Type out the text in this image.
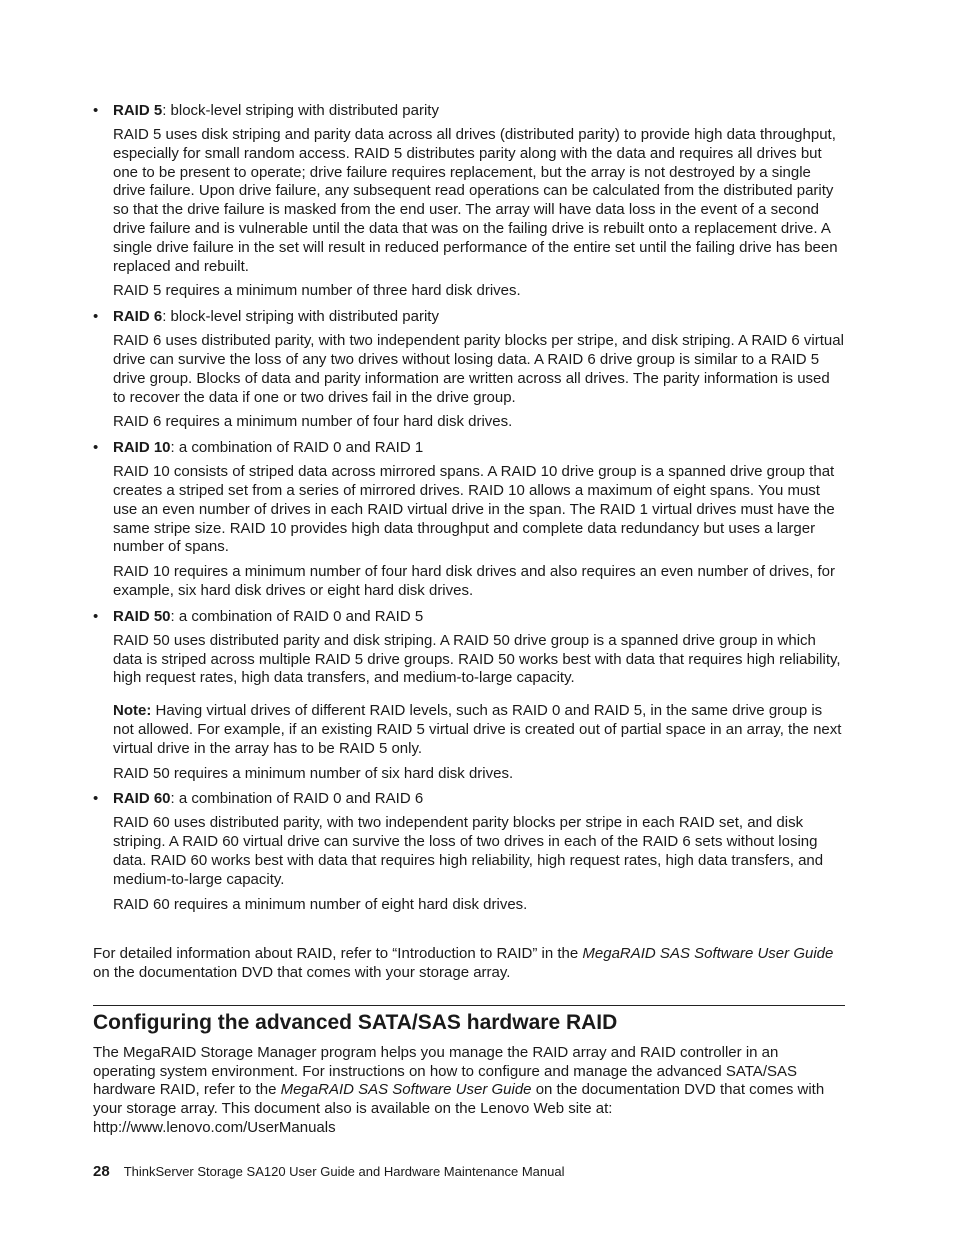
• RAID 5: block-level striping with distributed parity

RAID 5 uses disk striping and parity data across all drives (distributed parity) to provide high data throughput, especially for small random access. RAID 5 distributes parity along with the data and requires all drives but one to be present to operate; drive failure requires replacement, but the array is not destroyed by a single drive failure. Upon drive failure, any subsequent read operations can be calculated from the distributed parity so that the drive failure is masked from the end user. The array will have data loss in the event of a second drive failure and is vulnerable until the data that was on the failing drive is rebuilt onto a replacement drive. A single drive failure in the set will result in reduced performance of the entire set until the failing drive has been replaced and rebuilt.

RAID 5 requires a minimum number of three hard disk drives.

• RAID 6: block-level striping with distributed parity

RAID 6 uses distributed parity, with two independent parity blocks per stripe, and disk striping. A RAID 6 virtual drive can survive the loss of any two drives without losing data. A RAID 6 drive group is similar to a RAID 5 drive group. Blocks of data and parity information are written across all drives. The parity information is used to recover the data if one or two drives fail in the drive group.

RAID 6 requires a minimum number of four hard disk drives.

• RAID 10: a combination of RAID 0 and RAID 1

RAID 10 consists of striped data across mirrored spans. A RAID 10 drive group is a spanned drive group that creates a striped set from a series of mirrored drives. RAID 10 allows a maximum of eight spans. You must use an even number of drives in each RAID virtual drive in the span. The RAID 1 virtual drives must have the same stripe size. RAID 10 provides high data throughput and complete data redundancy but uses a larger number of spans.

RAID 10 requires a minimum number of four hard disk drives and also requires an even number of drives, for example, six hard disk drives or eight hard disk drives.

• RAID 50: a combination of RAID 0 and RAID 5

RAID 50 uses distributed parity and disk striping. A RAID 50 drive group is a spanned drive group in which data is striped across multiple RAID 5 drive groups. RAID 50 works best with data that requires high reliability, high request rates, high data transfers, and medium-to-large capacity.

Note: Having virtual drives of different RAID levels, such as RAID 0 and RAID 5, in the same drive group is not allowed. For example, if an existing RAID 5 virtual drive is created out of partial space in an array, the next virtual drive in the array has to be RAID 5 only.

RAID 50 requires a minimum number of six hard disk drives.

• RAID 60: a combination of RAID 0 and RAID 6

RAID 60 uses distributed parity, with two independent parity blocks per stripe in each RAID set, and disk striping. A RAID 60 virtual drive can survive the loss of two drives in each of the RAID 6 sets without losing data. RAID 60 works best with data that requires high reliability, high request rates, high data transfers, and medium-to-large capacity.

RAID 60 requires a minimum number of eight hard disk drives.

For detailed information about RAID, refer to “Introduction to RAID” in the MegaRAID SAS Software User Guide on the documentation DVD that comes with your storage array.

Configuring the advanced SATA/SAS hardware RAID

The MegaRAID Storage Manager program helps you manage the RAID array and RAID controller in an operating system environment. For instructions on how to configure and manage the advanced SATA/SAS hardware RAID, refer to the MegaRAID SAS Software User Guide on the documentation DVD that comes with your storage array. This document also is available on the Lenovo Web site at:
http://www.lenovo.com/UserManuals

28 ThinkServer Storage SA120 User Guide and Hardware Maintenance Manual
